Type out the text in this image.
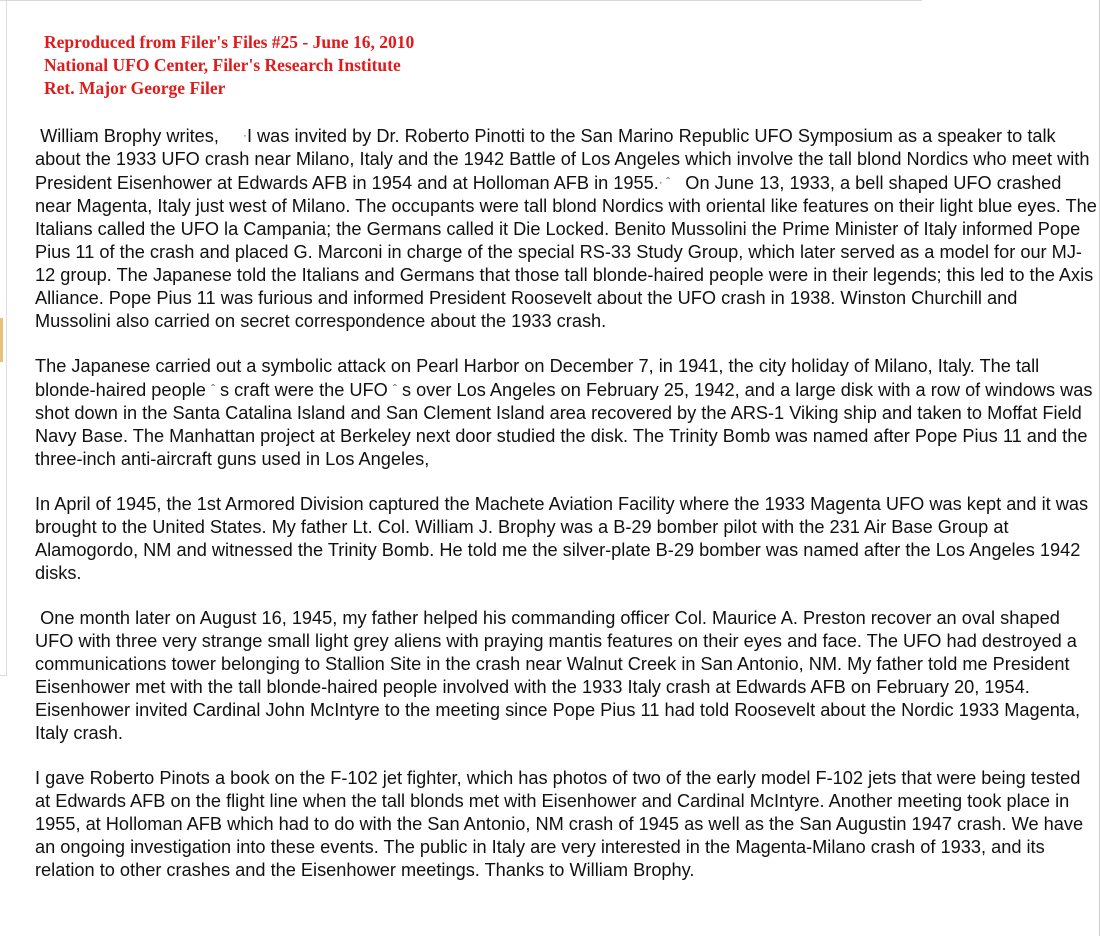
Reproduced from Filer's Files #25 - June 16, 2010
National UFO Center, Filer's Research Institute
Ret. Major George Filer

William Brophy writes, ·I was invited by Dr. Roberto Pinotti to the San Marino Republic UFO Symposium as a speaker to talk about the 1933 UFO crash near Milano, Italy and the 1942 Battle of Los Angeles which involve the tall blond Nordics who meet with President Eisenhower at Edwards AFB in 1954 and at Holloman AFB in 1955.· ˆ On June 13, 1933, a bell shaped UFO crashed near Magenta, Italy just west of Milano. The occupants were tall blond Nordics with oriental like features on their light blue eyes. The Italians called the UFO la Campania; the Germans called it Die Locked. Benito Mussolini the Prime Minister of Italy informed Pope Pius 11 of the crash and placed G. Marconi in charge of the special RS-33 Study Group, which later served as a model for our MJ-12 group. The Japanese told the Italians and Germans that those tall blonde-haired people were in their legends; this led to the Axis Alliance. Pope Pius 11 was furious and informed President Roosevelt about the UFO crash in 1938. Winston Churchill and Mussolini also carried on secret correspondence about the 1933 crash.

The Japanese carried out a symbolic attack on Pearl Harbor on December 7, in 1941, the city holiday of Milano, Italy. The tall blonde-haired people ˆ s craft were the UFO ˆ s over Los Angeles on February 25, 1942, and a large disk with a row of windows was shot down in the Santa Catalina Island and San Clement Island area recovered by the ARS-1 Viking ship and taken to Moffat Field Navy Base. The Manhattan project at Berkeley next door studied the disk. The Trinity Bomb was named after Pope Pius 11 and the three-inch anti-aircraft guns used in Los Angeles,

In April of 1945, the 1st Armored Division captured the Machete Aviation Facility where the 1933 Magenta UFO was kept and it was brought to the United States. My father Lt. Col. William J. Brophy was a B-29 bomber pilot with the 231 Air Base Group at Alamogordo, NM and witnessed the Trinity Bomb. He told me the silver-plate B-29 bomber was named after the Los Angeles 1942 disks.

One month later on August 16, 1945, my father helped his commanding officer Col. Maurice A. Preston recover an oval shaped UFO with three very strange small light grey aliens with praying mantis features on their eyes and face. The UFO had destroyed a communications tower belonging to Stallion Site in the crash near Walnut Creek in San Antonio, NM. My father told me President Eisenhower met with the tall blonde-haired people involved with the 1933 Italy crash at Edwards AFB on February 20, 1954. Eisenhower invited Cardinal John McIntyre to the meeting since Pope Pius 11 had told Roosevelt about the Nordic 1933 Magenta, Italy crash.

I gave Roberto Pinots a book on the F-102 jet fighter, which has photos of two of the early model F-102 jets that were being tested at Edwards AFB on the flight line when the tall blonds met with Eisenhower and Cardinal McIntyre. Another meeting took place in 1955, at Holloman AFB which had to do with the San Antonio, NM crash of 1945 as well as the San Augustin 1947 crash. We have an ongoing investigation into these events. The public in Italy are very interested in the Magenta-Milano crash of 1933, and its relation to other crashes and the Eisenhower meetings. Thanks to William Brophy.
